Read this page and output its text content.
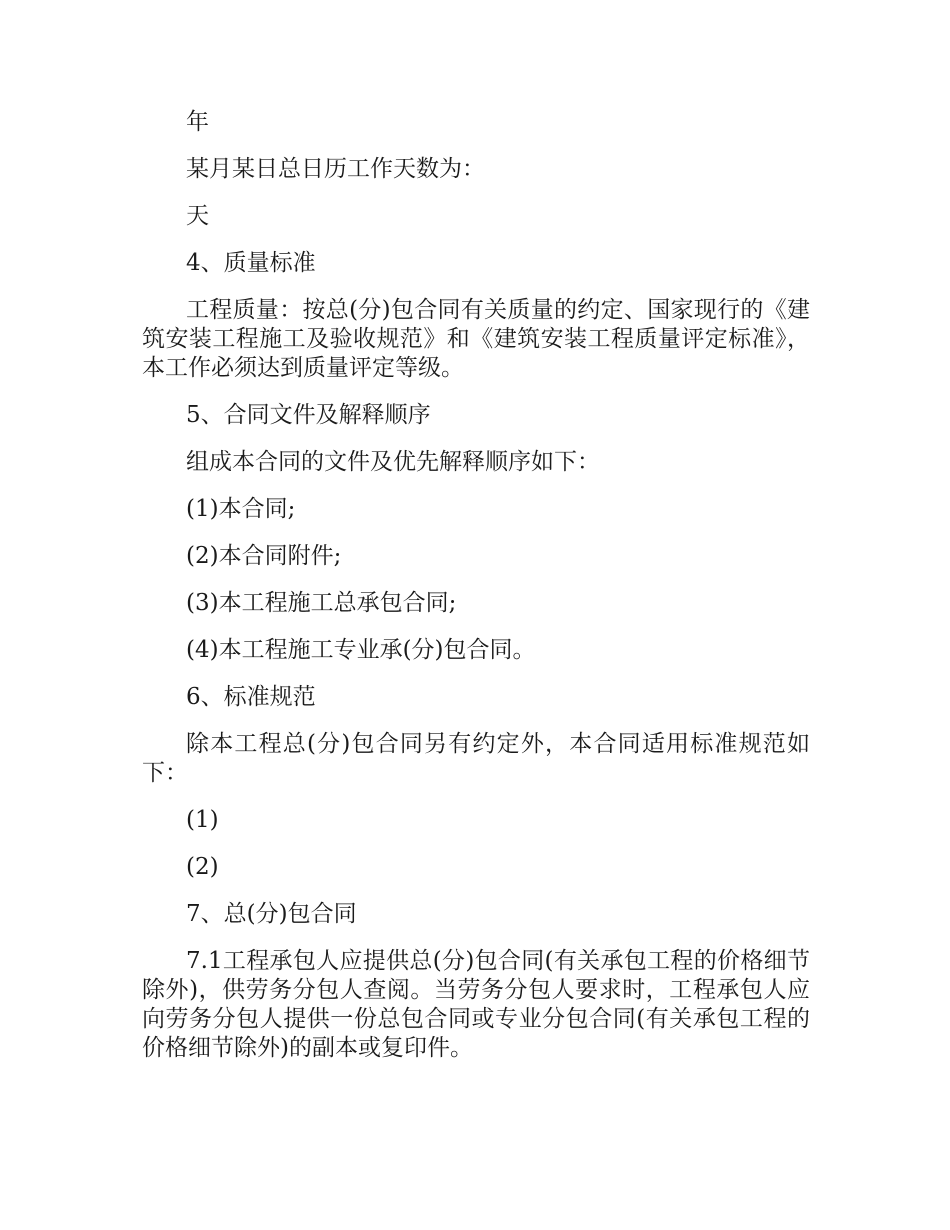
年

某月某日总日历工作天数为：

天

4、质量标准

工程质量：按总(分)包合同有关质量的约定、国家现行的《建筑安装工程施工及验收规范》和《建筑安装工程质量评定标准》，本工作必须达到质量评定等级。

5、合同文件及解释顺序

组成本合同的文件及优先解释顺序如下：

(1)本合同;

(2)本合同附件;

(3)本工程施工总承包合同;

(4)本工程施工专业承(分)包合同。

6、标准规范

除本工程总(分)包合同另有约定外，本合同适用标准规范如下：

(1)

(2)

7、总(分)包合同

7.1工程承包人应提供总(分)包合同(有关承包工程的价格细节除外)，供劳务分包人查阅。当劳务分包人要求时，工程承包人应向劳务分包人提供一份总包合同或专业分包合同(有关承包工程的价格细节除外)的副本或复印件。
